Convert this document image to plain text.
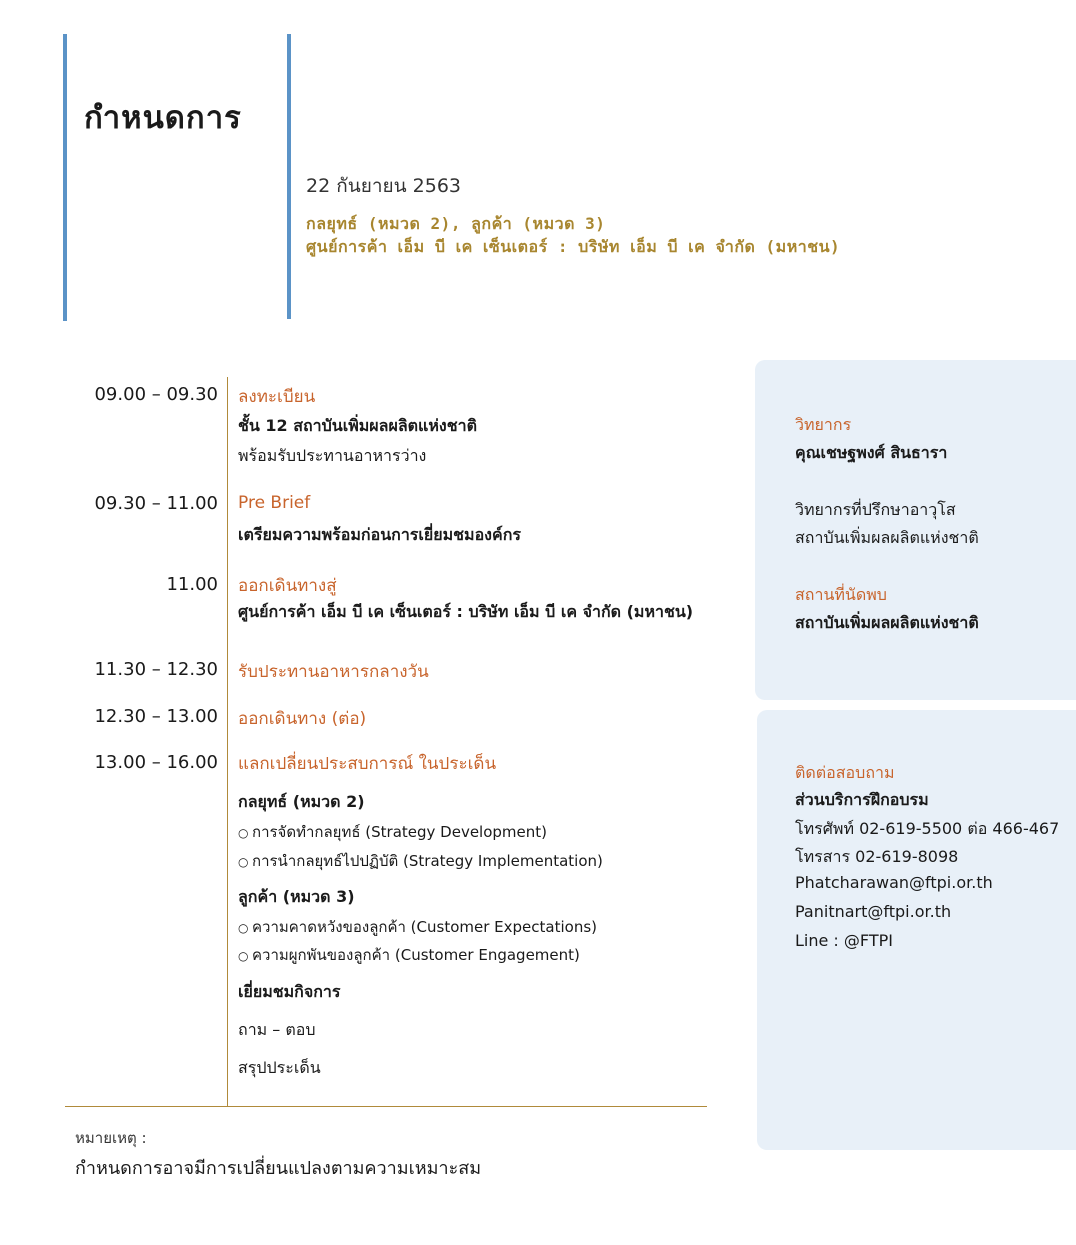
กำหนดการ
22 กันยายน 2563
กลยุทธ์ (หมวด 2), ลูกค้า (หมวด 3)
ศูนย์การค้า เอ็ม บี เค เซ็นเตอร์ : บริษัท เอ็ม บี เค จำกัด (มหาชน)
09.00 – 09.30 ลงทะเบียน
ชั้น 12 สถาบันเพิ่มผลผลิตแห่งชาติ
พร้อมรับประทานอาหารว่าง
09.30 – 11.00 Pre Brief
เตรียมความพร้อมก่อนการเยี่ยมชมองค์กร
11.00 ออกเดินทางสู่
ศูนย์การค้า เอ็ม บี เค เซ็นเตอร์ : บริษัท เอ็ม บี เค จำกัด (มหาชน)
11.30 – 12.30 รับประทานอาหารกลางวัน
12.30 – 13.00 ออกเดินทาง (ต่อ)
13.00 – 16.00 แลกเปลี่ยนประสบการณ์ ในประเด็น
กลยุทธ์ (หมวด 2)
○ การจัดทำกลยุทธ์ (Strategy Development)
○ การนำกลยุทธ์ไปปฏิบัติ (Strategy Implementation)
ลูกค้า (หมวด 3)
○ ความคาดหวังของลูกค้า (Customer Expectations)
○ ความผูกพันของลูกค้า (Customer Engagement)
เยี่ยมชมกิจการ
ถาม – ตอบ
สรุปประเด็น
หมายเหตุ :
กำหนดการอาจมีการเปลี่ยนแปลงตามความเหมาะสม
วิทยากร
คุณเชษฐพงศ์ สินธารา
วิทยากรที่ปรึกษาอาวุโส
สถาบันเพิ่มผลผลิตแห่งชาติ
สถานที่นัดพบ
สถาบันเพิ่มผลผลิตแห่งชาติ
ติดต่อสอบถาม
ส่วนบริการฝึกอบรม
โทรศัพท์ 02-619-5500 ต่อ 466-467
โทรสาร 02-619-8098
Phatcharawan@ftpi.or.th
Panitnart@ftpi.or.th
Line : @FTPI
